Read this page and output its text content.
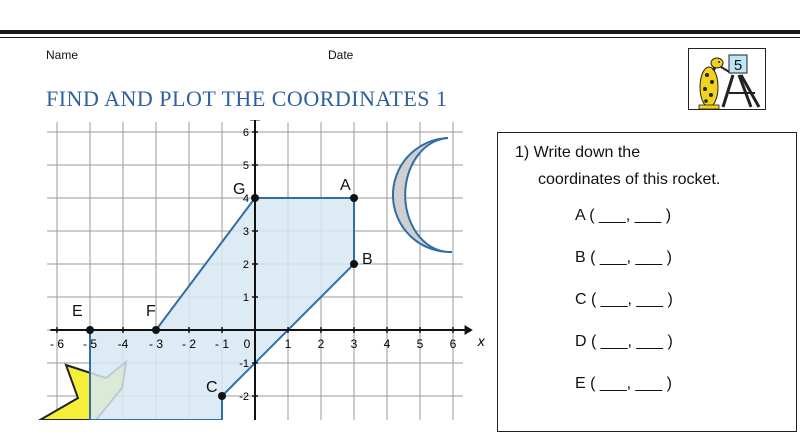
Name	Date
FIND AND PLOT THE COORDINATES 1
5
- 6 - 5 -4 - 3 - 2 - 1 0	1 2 3 4 5 6
6
5
4
3
2
1
-1
-2
x
A
B
C
E	F
G
1) Write down the
coordinates of this rocket.
A ( ___, ___ )
B ( ___, ___ )
C ( ___, ___ )
D ( ___, ___ )
E ( ___, ___ )
